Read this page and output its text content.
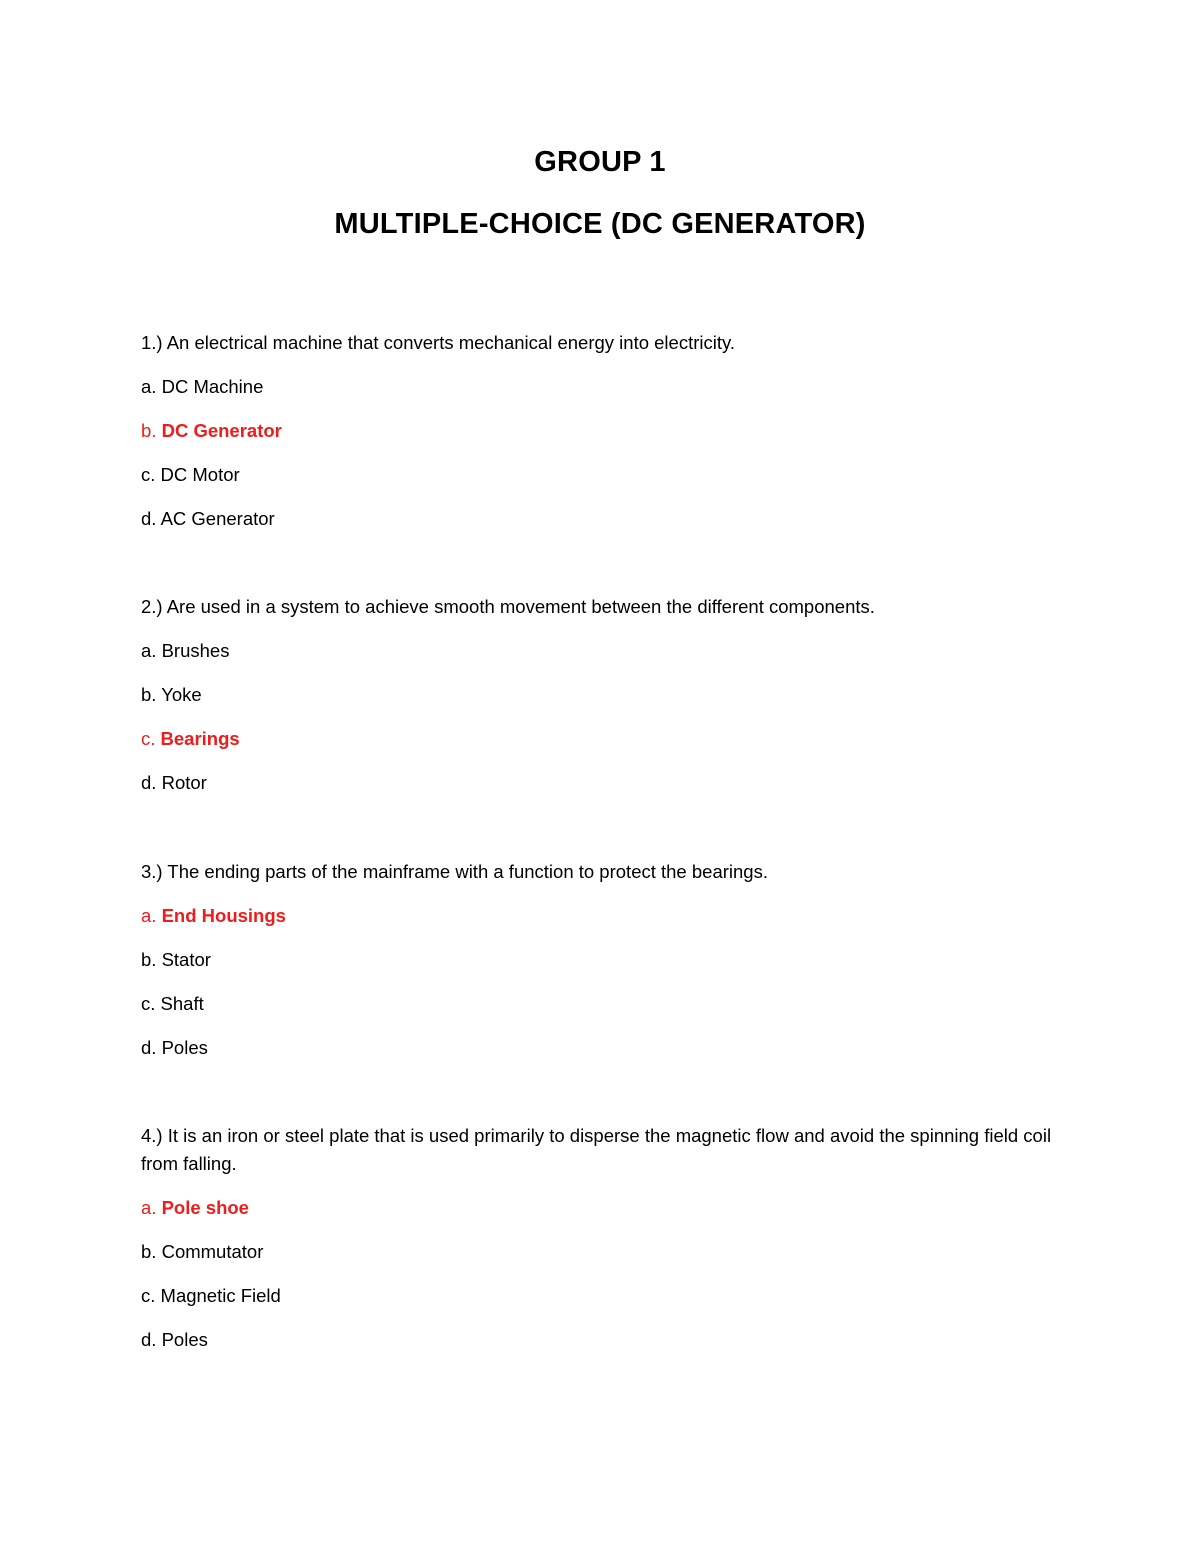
GROUP 1
MULTIPLE-CHOICE (DC GENERATOR)

1.) An electrical machine that converts mechanical energy into electricity.

a. DC Machine
b. DC Generator
c. DC Motor
d. AC Generator

2.) Are used in a system to achieve smooth movement between the different components.

a. Brushes
b. Yoke
c. Bearings
d. Rotor

3.) The ending parts of the mainframe with a function to protect the bearings.

a. End Housings
b. Stator
c. Shaft
d. Poles

4.) It is an iron or steel plate that is used primarily to disperse the magnetic flow and avoid the spinning field coil from falling.

a. Pole shoe
b. Commutator
c. Magnetic Field
d. Poles
